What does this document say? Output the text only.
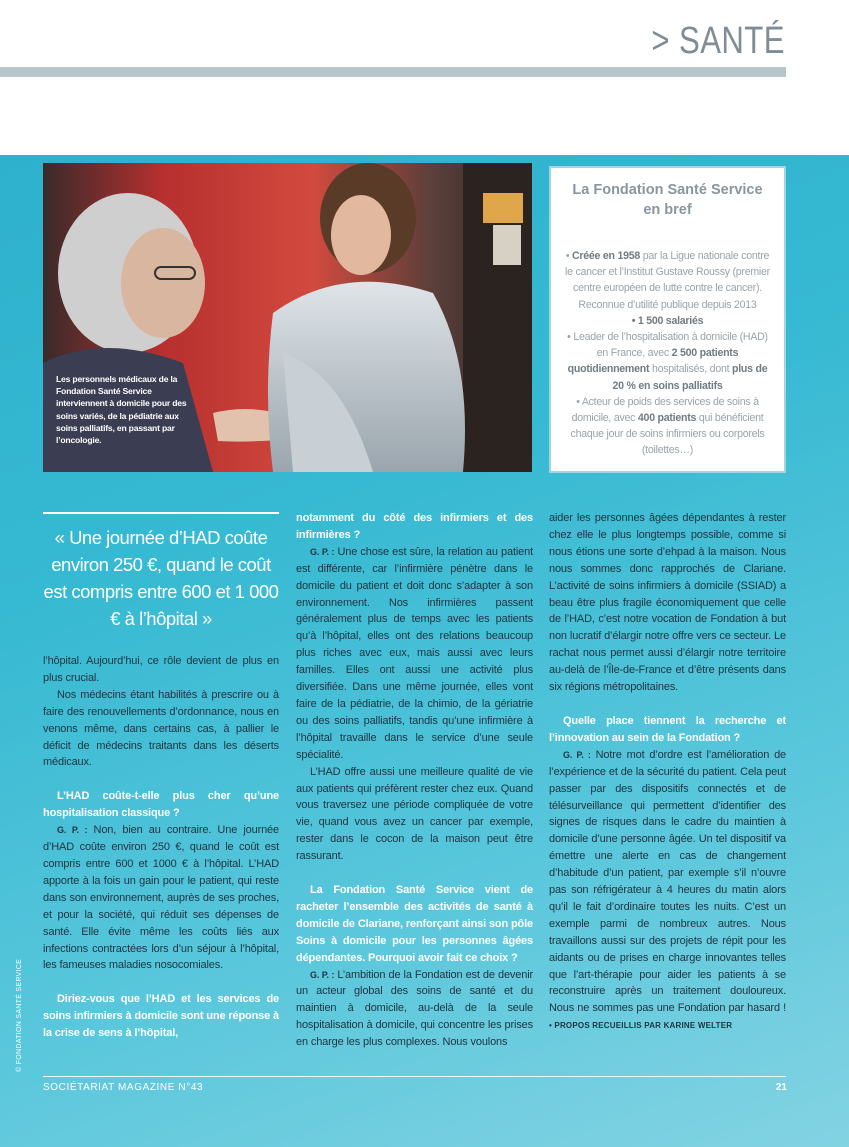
> SANTÉ
Les personnels médicaux de la Fondation Santé Service interviennent à domicile pour des soins variés, de la pédiatrie aux soins palliatifs, en passant par l’oncologie.
La Fondation Santé Service en bref

• Créée en 1958 par la Ligue nationale contre le cancer et l’Institut Gustave Roussy (premier centre européen de lutte contre le cancer). Reconnue d’utilité publique depuis 2013

• 1 500 salariés

• Leader de l’hospitalisation à domicile (HAD) en France, avec 2 500 patients quotidiennement hospitalisés, dont plus de 20 % en soins palliatifs

• Acteur de poids des services de soins à domicile, avec 400 patients qui bénéficient chaque jour de soins infirmiers ou corporels (toilettes…)

« Une journée d’HAD coûte environ 250 €, quand le coût est compris entre 600 et 1 000 € à l’hôpital »

l’hôpital. Aujourd’hui, ce rôle devient de plus en plus crucial.

Nos médecins étant habilités à prescrire ou à faire des renouvellements d’ordonnance, nous en venons même, dans certains cas, à pallier le déficit de médecins traitants dans les déserts médicaux.

L’HAD coûte-t-elle plus cher qu’une hospitalisation classique ?

G. P. : Non, bien au contraire. Une journée d’HAD coûte environ 250 €, quand le coût est compris entre 600 et 1000 € à l’hôpital. L’HAD apporte à la fois un gain pour le patient, qui reste dans son environnement, auprès de ses proches, et pour la société, qui réduit ses dépenses de santé. Elle évite même les coûts liés aux infections contractées lors d’un séjour à l’hôpital, les fameuses maladies nosocomiales.

Diriez-vous que l’HAD et les services de soins infirmiers à domicile sont une réponse à la crise de sens à l’hôpital,

notamment du côté des infirmiers et des infirmières ?

G. P. : Une chose est sûre, la relation au patient est différente, car l’infirmière pénètre dans le domicile du patient et doit donc s’adapter à son environnement. Nos infirmières passent généralement plus de temps avec les patients qu’à l’hôpital, elles ont des relations beaucoup plus riches avec eux, mais aussi avec leurs familles. Elles ont aussi une activité plus diversifiée. Dans une même journée, elles vont faire de la pédiatrie, de la chimio, de la gériatrie ou des soins palliatifs, tandis qu’une infirmière à l’hôpital travaille dans le service d’une seule spécialité.

L’HAD offre aussi une meilleure qualité de vie aux patients qui préfèrent rester chez eux. Quand vous traversez une période compliquée de votre vie, quand vous avez un cancer par exemple, rester dans le cocon de la maison peut être rassurant.

La Fondation Santé Service vient de racheter l’ensemble des activités de santé à domicile de Clariane, renforçant ainsi son pôle Soins à domicile pour les personnes âgées dépendantes. Pourquoi avoir fait ce choix ?

G. P. : L’ambition de la Fondation est de devenir un acteur global des soins de santé et du maintien à domicile, au-delà de la seule hospitalisation à domicile, qui concentre les prises en charge les plus complexes. Nous voulons

aider les personnes âgées dépendantes à rester chez elle le plus longtemps possible, comme si nous étions une sorte d’ehpad à la maison. Nous nous sommes donc rapprochés de Clariane. L’activité de soins infirmiers à domicile (SSIAD) a beau être plus fragile économiquement que celle de l’HAD, c’est notre vocation de Fondation à but non lucratif d’élargir notre offre vers ce secteur. Le rachat nous permet aussi d’élargir notre territoire au-delà de l’Île-de-France et d’être présents dans six régions métropolitaines.

Quelle place tiennent la recherche et l’innovation au sein de la Fondation ?

G. P. : Notre mot d’ordre est l’amélioration de l’expérience et de la sécurité du patient. Cela peut passer par des dispositifs connectés et de télésurveillance qui permettent d’identifier des signes de risques dans le cadre du maintien à domicile d’une personne âgée. Un tel dispositif va émettre une alerte en cas de changement d’habitude d’un patient, par exemple s’il n’ouvre pas son réfrigérateur à 4 heures du matin alors qu’il le fait d’ordinaire toutes les nuits. C’est un exemple parmi de nombreux autres. Nous travaillons aussi sur des projets de répit pour les aidants ou de prises en charge innovantes telles que l’art-thérapie pour aider les patients à se reconstruire après un traitement douloureux. Nous ne sommes pas une Fondation par hasard ! • PROPOS RECUEILLIS PAR KARINE WELTER

© FONDATION SANTÉ SERVICE
SOCIÉTARIAT MAGAZINE N°43	21
